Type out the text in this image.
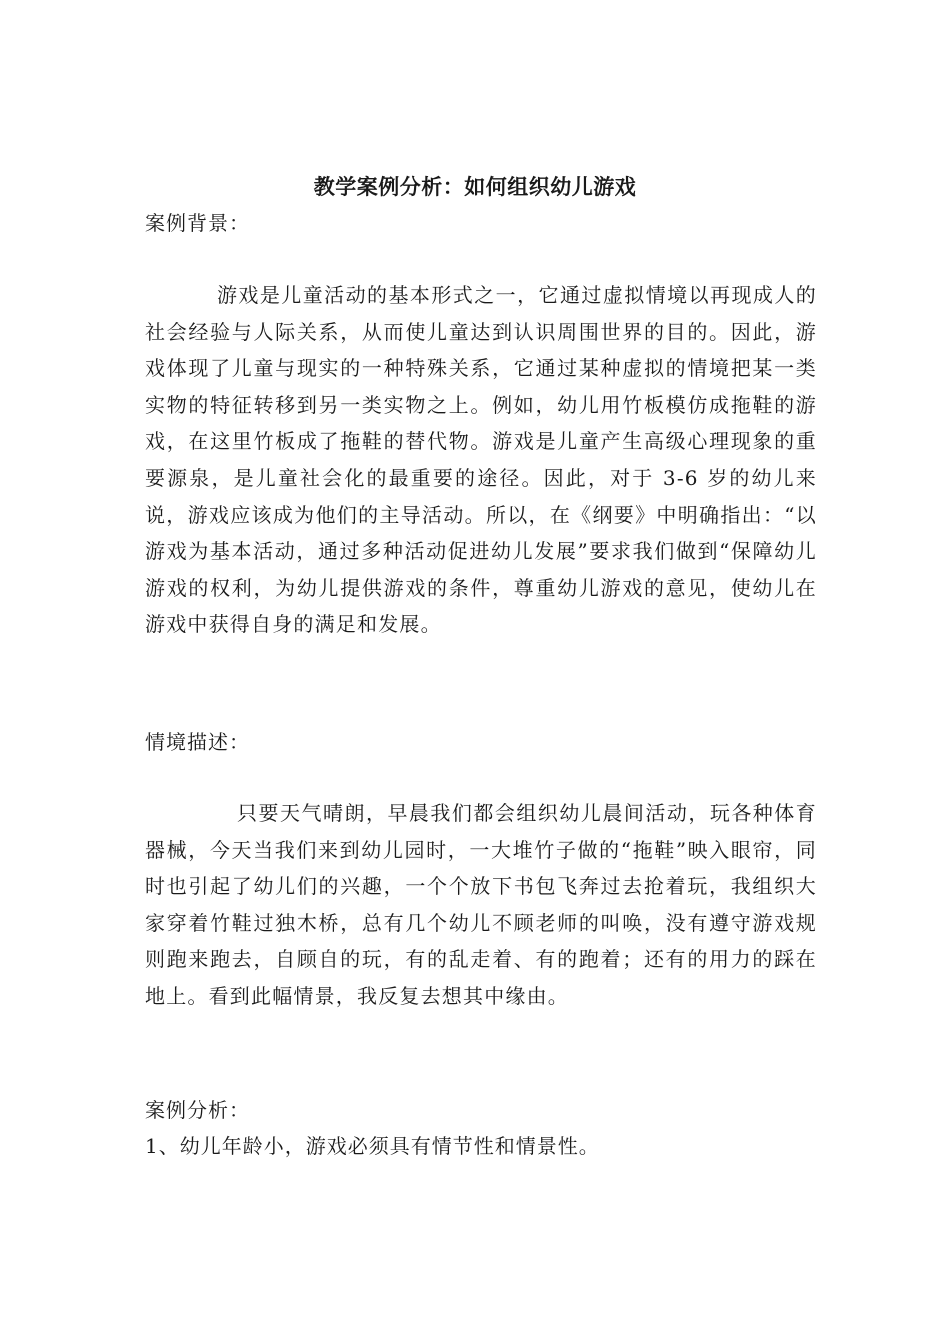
教学案例分析：如何组织幼儿游戏
案例背景：
游戏是儿童活动的基本形式之一，它通过虚拟情境以再现成人的社会经验与人际关系，从而使儿童达到认识周围世界的目的。因此，游戏体现了儿童与现实的一种特殊关系，它通过某种虚拟的情境把某一类实物的特征转移到另一类实物之上。例如，幼儿用竹板模仿成拖鞋的游戏，在这里竹板成了拖鞋的替代物。游戏是儿童产生高级心理现象的重要源泉，是儿童社会化的最重要的途径。因此，对于 3-6 岁的幼儿来说，游戏应该成为他们的主导活动。所以，在《纲要》中明确指出：“以游戏为基本活动，通过多种活动促进幼儿发展”要求我们做到“保障幼儿游戏的权利，为幼儿提供游戏的条件，尊重幼儿游戏的意见，使幼儿在游戏中获得自身的满足和发展。
情境描述：
只要天气晴朗，早晨我们都会组织幼儿晨间活动，玩各种体育器械，今天当我们来到幼儿园时，一大堆竹子做的“拖鞋”映入眼帘，同时也引起了幼儿们的兴趣，一个个放下书包飞奔过去抢着玩，我组织大家穿着竹鞋过独木桥，总有几个幼儿不顾老师的叫唤，没有遵守游戏规则跑来跑去，自顾自的玩，有的乱走着、有的跑着；还有的用力的踩在地上。看到此幅情景，我反复去想其中缘由。
案例分析：
1、幼儿年龄小，游戏必须具有情节性和情景性。
